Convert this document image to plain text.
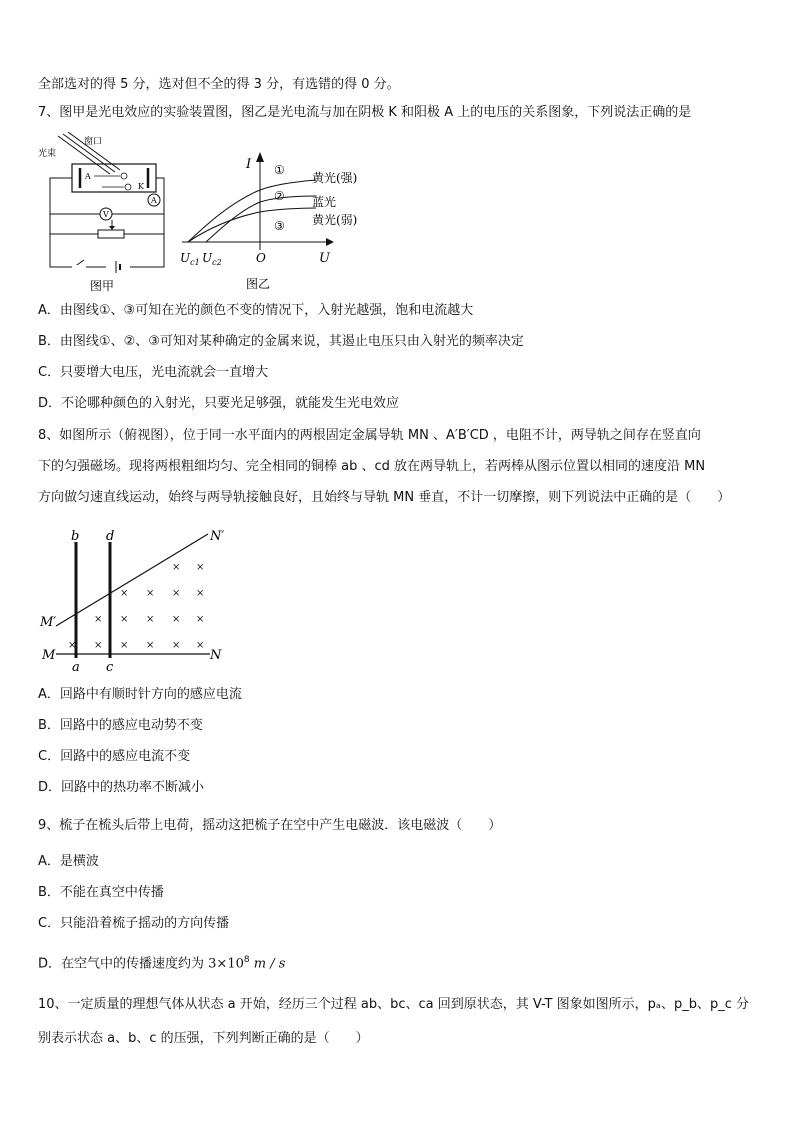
全部选对的得 5 分，选对但不全的得 3 分，有选错的得 0 分。
7、图甲是光电效应的实验装置图，图乙是光电流与加在阴极 K 和阳极 A 上的电压的关系图象，下列说法正确的是
光束
窗口
A
K
A
V
图甲
I
U
O
$U_{c1}$ $U_{c2}$
①
黄光(强)
② 蓝光
③ 黄光(弱)
图乙
A．由图线①、③可知在光的颜色不变的情况下，入射光越强，饱和电流越大
B．由图线①、②、③可知对某种确定的金属来说，其遏止电压只由入射光的频率决定
C．只要增大电压，光电流就会一直增大
D．不论哪种颜色的入射光，只要光足够强，就能发生光电效应
8、如图所示（俯视图），位于同一水平面内的两根固定金属导轨 MN 、A′B′CD ，电阻不计，两导轨之间存在竖直向
下的匀强磁场。现将两根粗细均匀、完全相同的铜棒 ab 、cd 放在两导轨上，若两棒从图示位置以相同的速度沿 MN
方向做匀速直线运动，始终与两导轨接触良好，且始终与导轨 MN 垂直，不计一切摩擦，则下列说法中正确的是（　　）
b d	N′
M′
M	N
a c
× ×
× × × ×
× × × × ×
× × × × × ×
A．回路中有顺时针方向的感应电流
B．回路中的感应电动势不变
C．回路中的感应电流不变
D．回路中的热功率不断减小
9、梳子在梳头后带上电荷，摇动这把梳子在空中产生电磁波．该电磁波（　　）
A．是横波
B．不能在真空中传播
C．只能沿着梳子摇动的方向传播
D．在空气中的传播速度约为 $3\times 10^8$ m / s
10、一定质量的理想气体从状态 a 开始，经历三个过程 ab、bc、ca 回到原状态，其 V-T 图象如图所示，pₐ、p_b、p_c 分
别表示状态 a、b、c 的压强，下列判断正确的是（　　）
